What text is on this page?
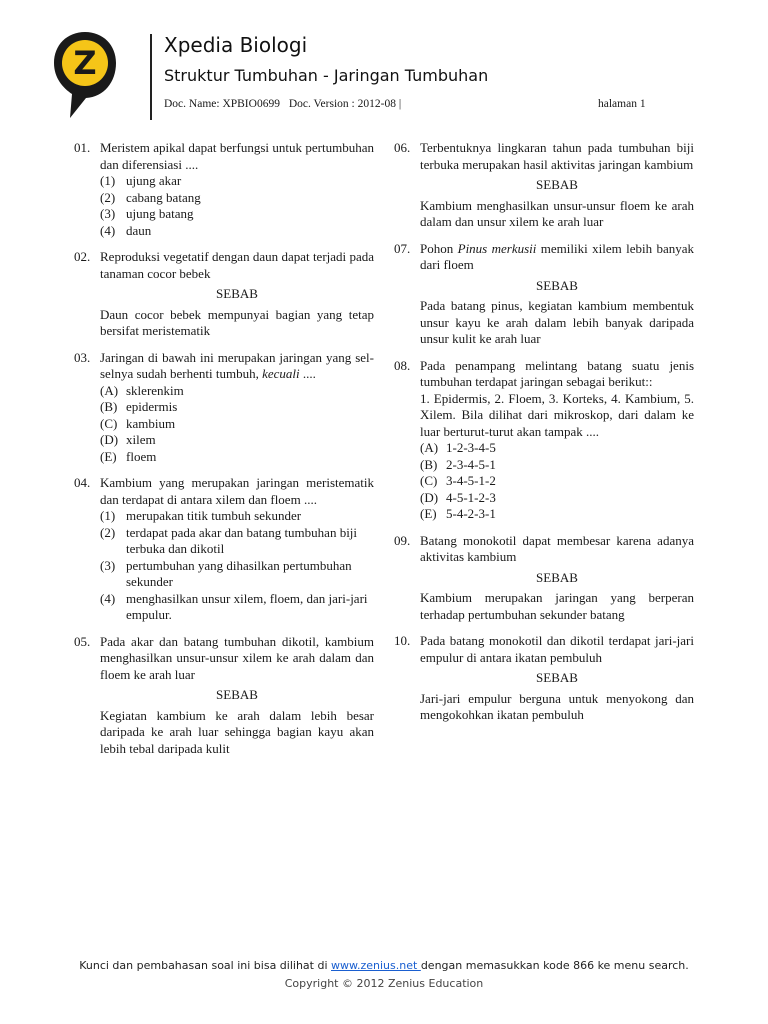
Z	Xpedia Biologi
Struktur Tumbuhan - Jaringan Tumbuhan
Doc. Name: XPBIO0699 Doc. Version : 2012-08 |	halaman 1
01. Meristem apikal dapat berfungsi untuk pertumbuhan dan diferensiasi ....
(1) ujung akar
(2) cabang batang
(3) ujung batang
(4) daun
02. Reproduksi vegetatif dengan daun dapat terjadi pada tanaman cocor bebek
SEBAB
Daun cocor bebek mempunyai bagian yang tetap bersifat meristematik
03. Jaringan di bawah ini merupakan jaringan yang sel-selnya sudah berhenti tumbuh, kecuali ....
(A) sklerenkim
(B) epidermis
(C) kambium
(D) xilem
(E) floem
04. Kambium yang merupakan jaringan meristematik dan terdapat di antara xilem dan floem ....
(1) merupakan titik tumbuh sekunder
(2) terdapat pada akar dan batang tumbuhan biji terbuka dan dikotil
(3) pertumbuhan yang dihasilkan pertumbuhan sekunder
(4) menghasilkan unsur xilem, floem, dan jari-jari empulur.
05. Pada akar dan batang tumbuhan dikotil, kambium menghasilkan unsur-unsur xilem ke arah dalam dan floem ke arah luar
SEBAB
Kegiatan kambium ke arah dalam lebih besar daripada ke arah luar sehingga bagian kayu akan lebih tebal daripada kulit
06. Terbentuknya lingkaran tahun pada tumbuhan biji terbuka merupakan hasil aktivitas jaringan kambium
SEBAB
Kambium menghasilkan unsur-unsur floem ke arah dalam dan unsur xilem ke arah luar
07. Pohon Pinus merkusii memiliki xilem lebih banyak dari floem
SEBAB
Pada batang pinus, kegiatan kambium membentuk unsur kayu ke arah dalam lebih banyak daripada unsur kulit ke arah luar
08. Pada penampang melintang batang suatu jenis tumbuhan terdapat jaringan sebagai berikut::
1. Epidermis, 2. Floem, 3. Korteks, 4. Kambium, 5. Xilem. Bila dilihat dari mikroskop, dari dalam ke luar berturut-turut akan tampak ....
(A) 1-2-3-4-5
(B) 2-3-4-5-1
(C) 3-4-5-1-2
(D) 4-5-1-2-3
(E) 5-4-2-3-1
09. Batang monokotil dapat membesar karena adanya aktivitas kambium
SEBAB
Kambium merupakan jaringan yang berperan terhadap pertumbuhan sekunder batang
10. Pada batang monokotil dan dikotil terdapat jari-jari empulur di antara ikatan pembuluh
SEBAB
Jari-jari empulur berguna untuk menyokong dan mengokohkan ikatan pembuluh
Kunci dan pembahasan soal ini bisa dilihat di www.zenius.net dengan memasukkan kode 866 ke menu search.
Copyright © 2012 Zenius Education
